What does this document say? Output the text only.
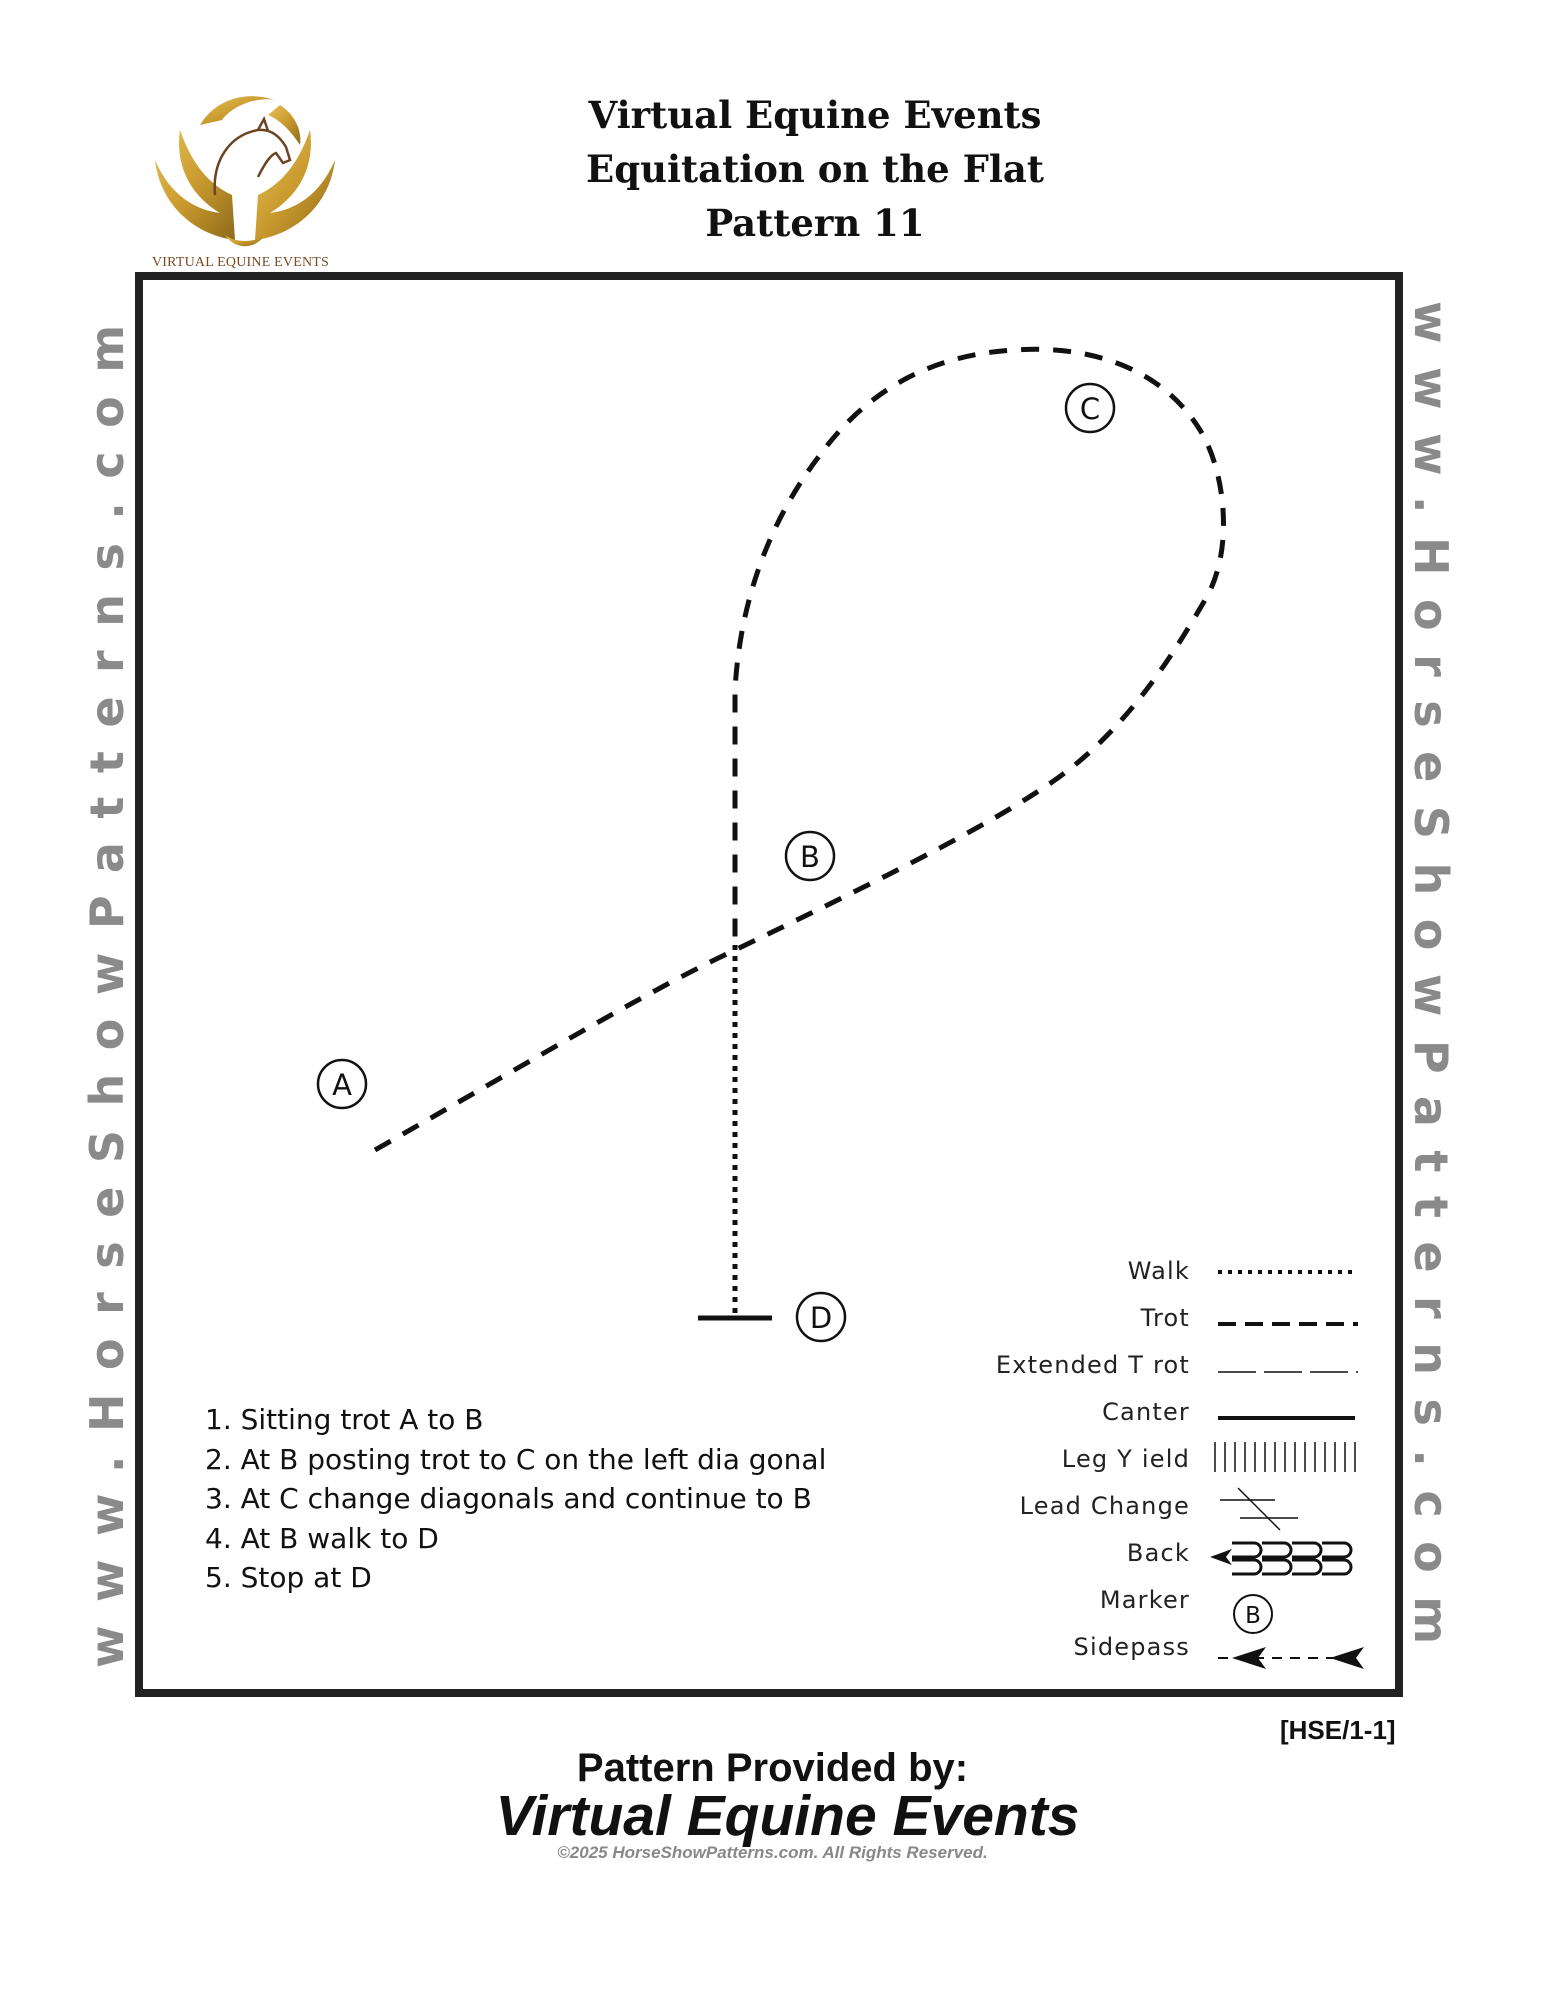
VIRTUAL EQUINE EVENTS
Virtual Equine Events
Equitation on the Flat
Pattern 11
www.HorseShowPatterns.com	www.HorseShowPatterns.com
A
B
C
D
B
1. Sitting trot A to B
2. At B posting trot to C on the left dia gonal
3. At C change diagonals and continue to B
4. At B walk to D
5. Stop at D
Walk
Trot
Extended T rot
Canter
Leg Y ield
Lead Change
Back
Marker
Sidepass
[HSE/1-1]
Pattern Provided by:
Virtual Equine Events
©2025 HorseShowPatterns.com. All Rights Reserved.
